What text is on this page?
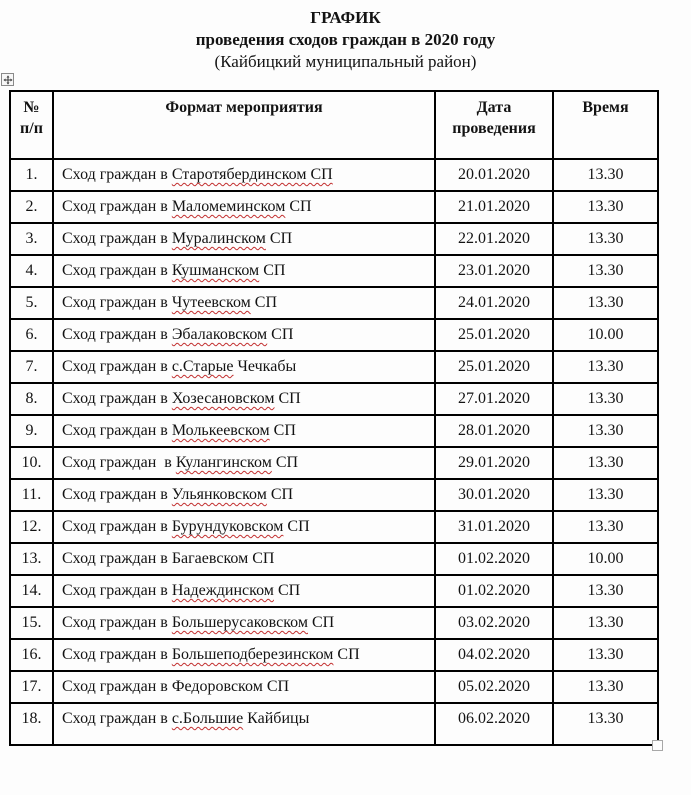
ГРАФИК
проведения сходов граждан в 2020 году
(Кайбицкий муниципальный район)
№
п/п	Формат мероприятия	Дата проведения	Время
1.	Сход граждан в Старотябердинском СП	20.01.2020	13.30
2.	Сход граждан в Маломеминском СП	21.01.2020	13.30
3.	Сход граждан в Муралинском СП	22.01.2020	13.30
4.	Сход граждан в Кушманском СП	23.01.2020	13.30
5.	Сход граждан в Чутеевском СП	24.01.2020	13.30
6.	Сход граждан в Эбалаковском СП	25.01.2020	10.00
7.	Сход граждан в с.Старые Чечкабы	25.01.2020	13.30
8.	Сход граждан в Хозесановском СП	27.01.2020	13.30
9.	Сход граждан в Молькеевском СП	28.01.2020	13.30
10.	Сход граждан  в Кулангинском СП	29.01.2020	13.30
11.	Сход граждан в Ульянковском СП	30.01.2020	13.30
12.	Сход граждан в Бурундуковском СП	31.01.2020	13.30
13.	Сход граждан в Багаевском СП	01.02.2020	10.00
14.	Сход граждан в Надеждинском СП	01.02.2020	13.30
15.	Сход граждан в Большерусаковском СП	03.02.2020	13.30
16.	Сход граждан в Большеподберезинском СП	04.02.2020	13.30
17.	Сход граждан в Федоровском СП	05.02.2020	13.30
18.	Сход граждан в с.Большие Кайбицы	06.02.2020	13.30
